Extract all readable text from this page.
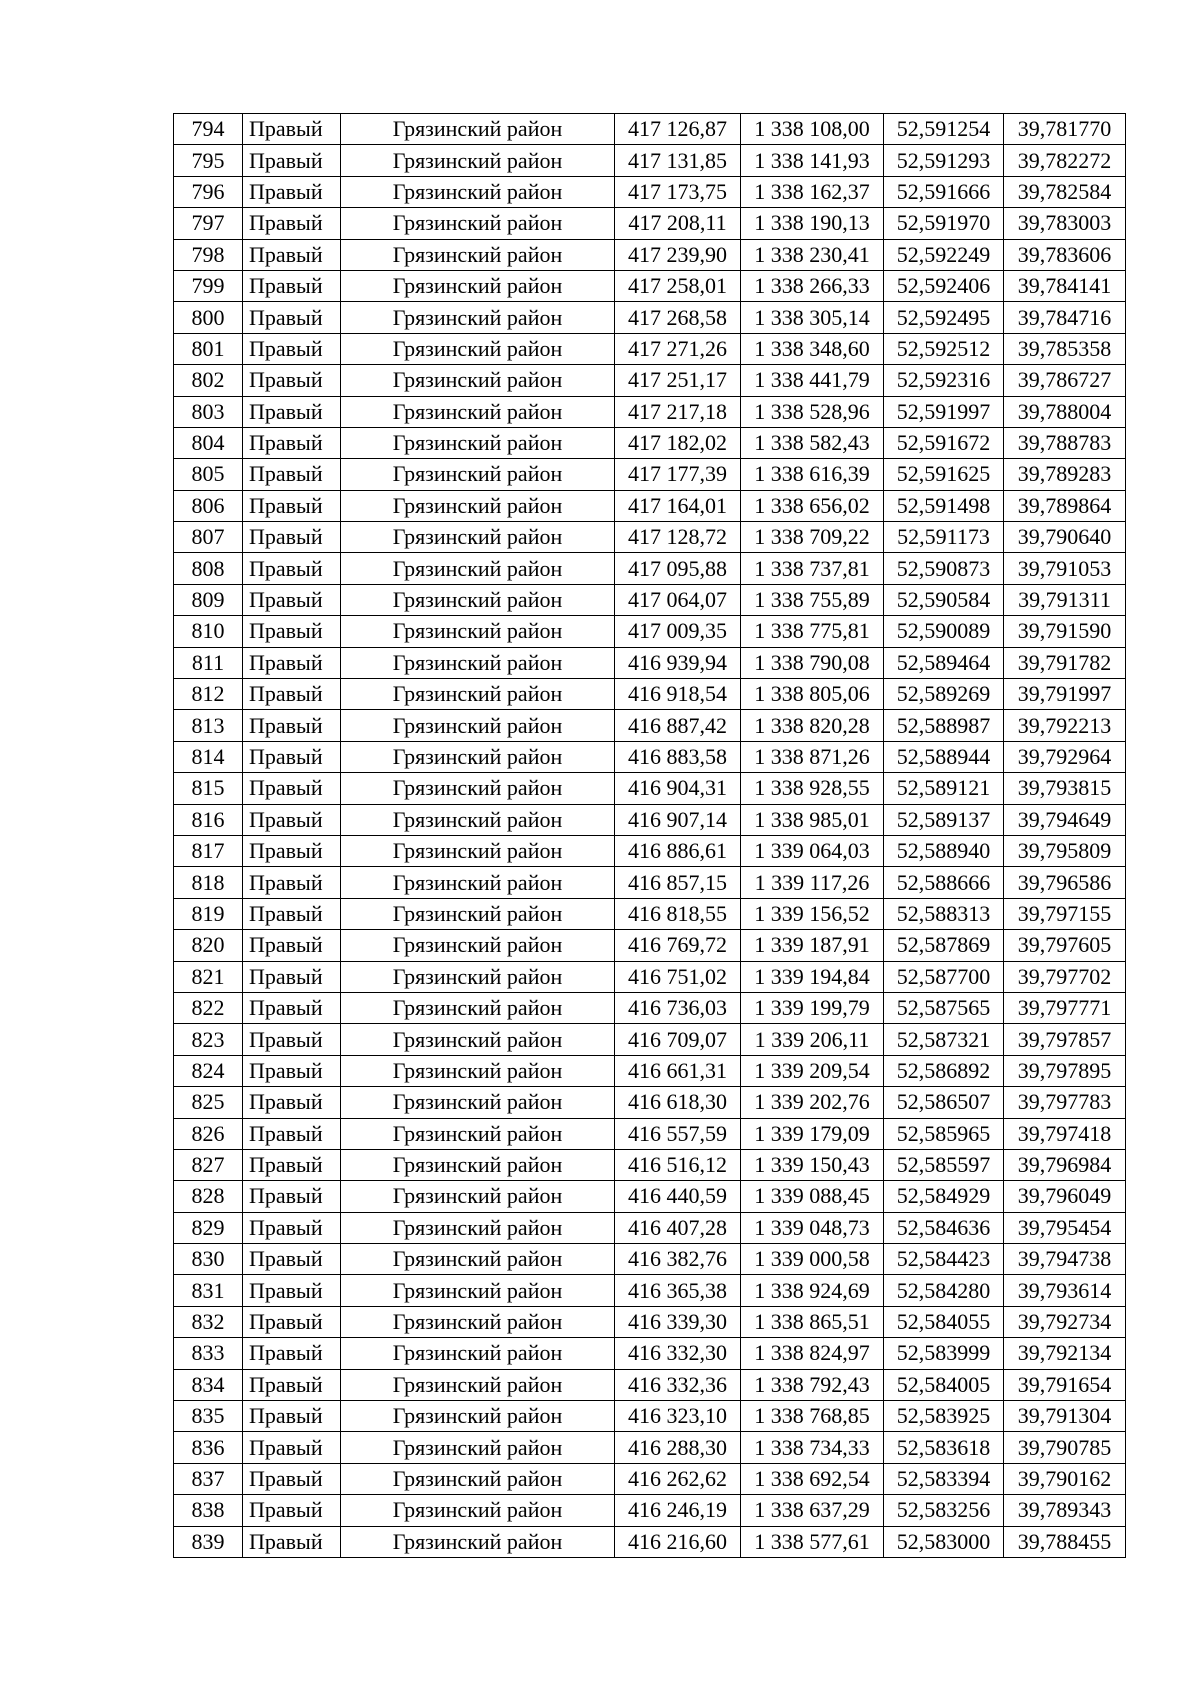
794	Правый	Грязинский район	417 126,87	1 338 108,00	52,591254	39,781770
795	Правый	Грязинский район	417 131,85	1 338 141,93	52,591293	39,782272
796	Правый	Грязинский район	417 173,75	1 338 162,37	52,591666	39,782584
797	Правый	Грязинский район	417 208,11	1 338 190,13	52,591970	39,783003
798	Правый	Грязинский район	417 239,90	1 338 230,41	52,592249	39,783606
799	Правый	Грязинский район	417 258,01	1 338 266,33	52,592406	39,784141
800	Правый	Грязинский район	417 268,58	1 338 305,14	52,592495	39,784716
801	Правый	Грязинский район	417 271,26	1 338 348,60	52,592512	39,785358
802	Правый	Грязинский район	417 251,17	1 338 441,79	52,592316	39,786727
803	Правый	Грязинский район	417 217,18	1 338 528,96	52,591997	39,788004
804	Правый	Грязинский район	417 182,02	1 338 582,43	52,591672	39,788783
805	Правый	Грязинский район	417 177,39	1 338 616,39	52,591625	39,789283
806	Правый	Грязинский район	417 164,01	1 338 656,02	52,591498	39,789864
807	Правый	Грязинский район	417 128,72	1 338 709,22	52,591173	39,790640
808	Правый	Грязинский район	417 095,88	1 338 737,81	52,590873	39,791053
809	Правый	Грязинский район	417 064,07	1 338 755,89	52,590584	39,791311
810	Правый	Грязинский район	417 009,35	1 338 775,81	52,590089	39,791590
811	Правый	Грязинский район	416 939,94	1 338 790,08	52,589464	39,791782
812	Правый	Грязинский район	416 918,54	1 338 805,06	52,589269	39,791997
813	Правый	Грязинский район	416 887,42	1 338 820,28	52,588987	39,792213
814	Правый	Грязинский район	416 883,58	1 338 871,26	52,588944	39,792964
815	Правый	Грязинский район	416 904,31	1 338 928,55	52,589121	39,793815
816	Правый	Грязинский район	416 907,14	1 338 985,01	52,589137	39,794649
817	Правый	Грязинский район	416 886,61	1 339 064,03	52,588940	39,795809
818	Правый	Грязинский район	416 857,15	1 339 117,26	52,588666	39,796586
819	Правый	Грязинский район	416 818,55	1 339 156,52	52,588313	39,797155
820	Правый	Грязинский район	416 769,72	1 339 187,91	52,587869	39,797605
821	Правый	Грязинский район	416 751,02	1 339 194,84	52,587700	39,797702
822	Правый	Грязинский район	416 736,03	1 339 199,79	52,587565	39,797771
823	Правый	Грязинский район	416 709,07	1 339 206,11	52,587321	39,797857
824	Правый	Грязинский район	416 661,31	1 339 209,54	52,586892	39,797895
825	Правый	Грязинский район	416 618,30	1 339 202,76	52,586507	39,797783
826	Правый	Грязинский район	416 557,59	1 339 179,09	52,585965	39,797418
827	Правый	Грязинский район	416 516,12	1 339 150,43	52,585597	39,796984
828	Правый	Грязинский район	416 440,59	1 339 088,45	52,584929	39,796049
829	Правый	Грязинский район	416 407,28	1 339 048,73	52,584636	39,795454
830	Правый	Грязинский район	416 382,76	1 339 000,58	52,584423	39,794738
831	Правый	Грязинский район	416 365,38	1 338 924,69	52,584280	39,793614
832	Правый	Грязинский район	416 339,30	1 338 865,51	52,584055	39,792734
833	Правый	Грязинский район	416 332,30	1 338 824,97	52,583999	39,792134
834	Правый	Грязинский район	416 332,36	1 338 792,43	52,584005	39,791654
835	Правый	Грязинский район	416 323,10	1 338 768,85	52,583925	39,791304
836	Правый	Грязинский район	416 288,30	1 338 734,33	52,583618	39,790785
837	Правый	Грязинский район	416 262,62	1 338 692,54	52,583394	39,790162
838	Правый	Грязинский район	416 246,19	1 338 637,29	52,583256	39,789343
839	Правый	Грязинский район	416 216,60	1 338 577,61	52,583000	39,788455
